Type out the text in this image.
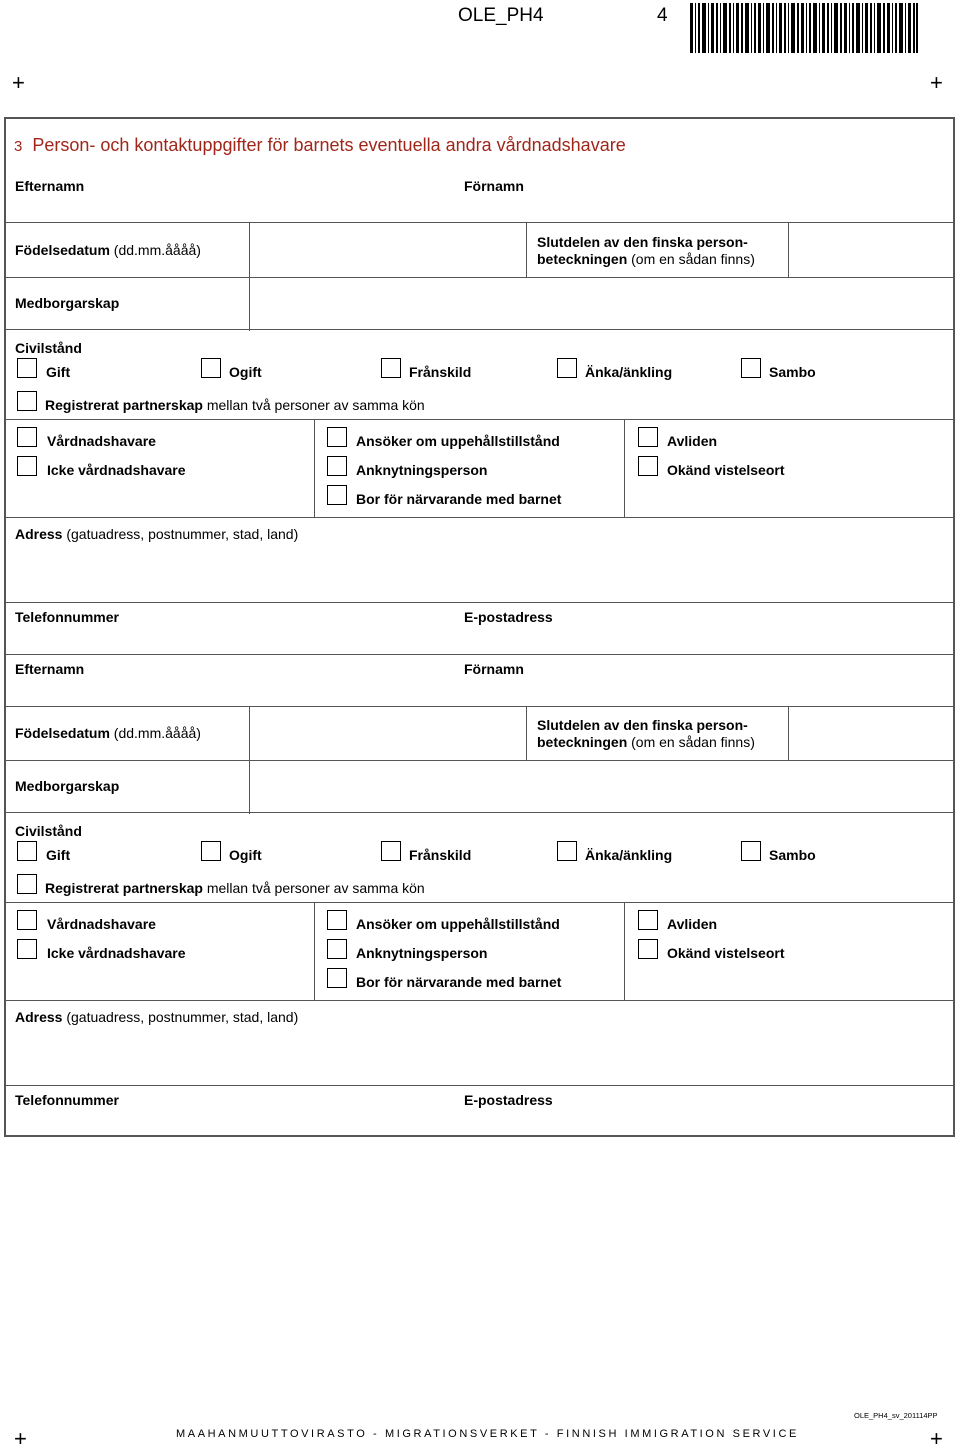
OLE_PH4	4
+	+
+	+
3 Person- och kontaktuppgifter för barnets eventuella andra vårdnadshavare
Efternamn	Förnamn
Födelsedatum (dd.mm.åååå)	Slutdelen av den finska person-
beteckningen (om en sådan finns)
Medborgarskap
Civilstånd
Gift	Ogift	Frånskild	Änka/änkling	Sambo
Registrerat partnerskap mellan två personer av samma kön
Vårdnadshavare
Icke vårdnadshavare
Ansöker om uppehållstillstånd
Anknytningsperson
Bor för närvarande med barnet
Avliden
Okänd vistelseort
Adress (gatuadress, postnummer, stad, land)
Telefonnummer	E-postadress
Efternamn	Förnamn
Födelsedatum (dd.mm.åååå)	Slutdelen av den finska person-
beteckningen (om en sådan finns)
Medborgarskap
Civilstånd
Gift	Ogift	Frånskild	Änka/änkling	Sambo
Registrerat partnerskap mellan två personer av samma kön
Vårdnadshavare
Icke vårdnadshavare
Ansöker om uppehållstillstånd
Anknytningsperson
Bor för närvarande med barnet
Avliden
Okänd vistelseort
Adress (gatuadress, postnummer, stad, land)
Telefonnummer	E-postadress
OLE_PH4_sv_201114PP
MAAHANMUUTTOVIRASTO - MIGRATIONSVERKET - FINNISH IMMIGRATION SERVICE
